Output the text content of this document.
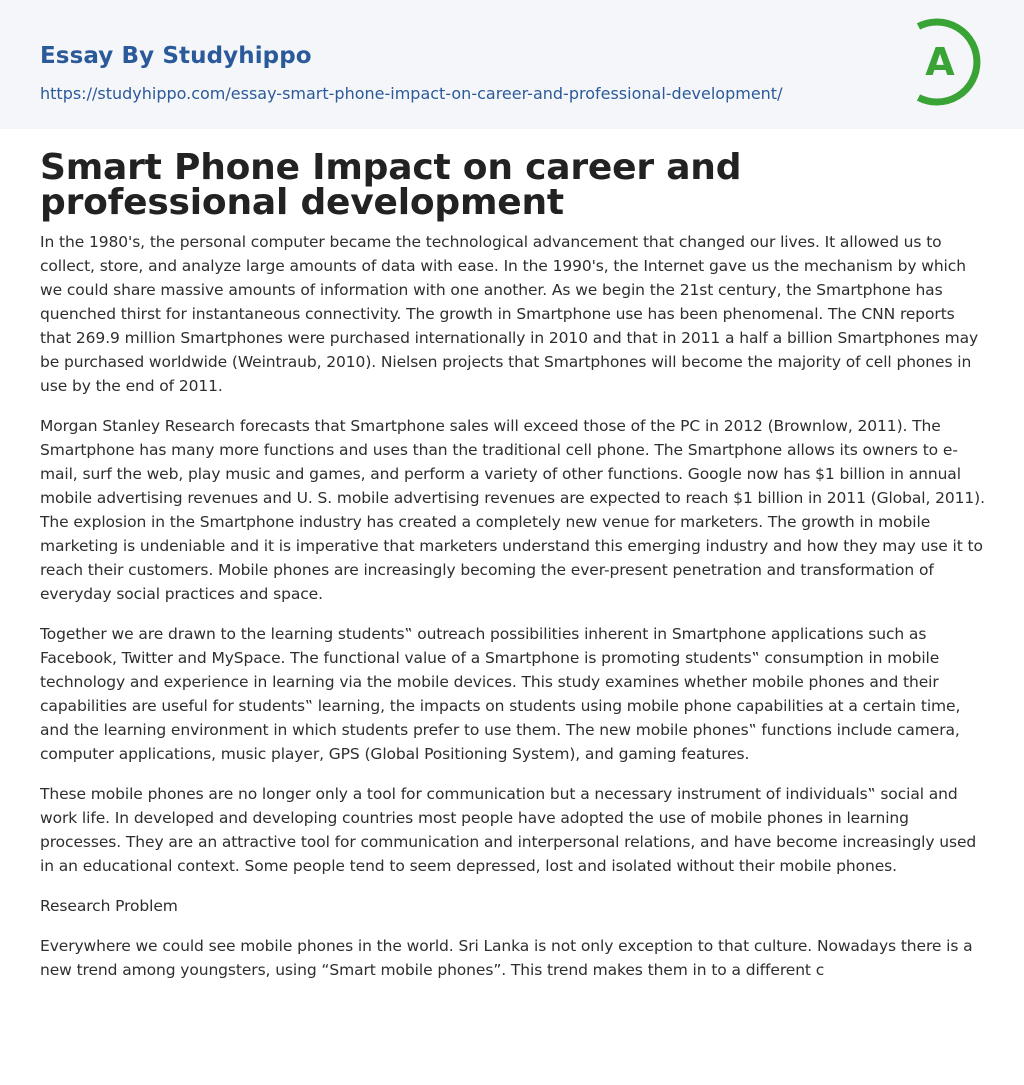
Essay By Studyhippo
https://studyhippo.com/essay-smart-phone-impact-on-career-and-professional-development/
A
Smart Phone Impact on career and professional development

In the 1980's, the personal computer became the technological advancement that changed our lives. It allowed us to collect, store, and analyze large amounts of data with ease. In the 1990's, the Internet gave us the mechanism by which we could share massive amounts of information with one another. As we begin the 21st century, the Smartphone has quenched thirst for instantaneous connectivity. The growth in Smartphone use has been phenomenal. The CNN reports that 269.9 million Smartphones were purchased internationally in 2010 and that in 2011 a half a billion Smartphones may be purchased worldwide (Weintraub, 2010). Nielsen projects that Smartphones will become the majority of cell phones in use by the end of 2011.

Morgan Stanley Research forecasts that Smartphone sales will exceed those of the PC in 2012 (Brownlow, 2011). The Smartphone has many more functions and uses than the traditional cell phone. The Smartphone allows its owners to e-mail, surf the web, play music and games, and perform a variety of other functions. Google now has $1 billion in annual mobile advertising revenues and U. S. mobile advertising revenues are expected to reach $1 billion in 2011 (Global, 2011). The explosion in the Smartphone industry has created a completely new venue for marketers. The growth in mobile marketing is undeniable and it is imperative that marketers understand this emerging industry and how they may use it to reach their customers. Mobile phones are increasingly becoming the ever-present penetration and transformation of everyday social practices and space.

Together we are drawn to the learning students‟ outreach possibilities inherent in Smartphone applications such as Facebook, Twitter and MySpace. The functional value of a Smartphone is promoting students‟ consumption in mobile technology and experience in learning via the mobile devices. This study examines whether mobile phones and their capabilities are useful for students‟ learning, the impacts on students using mobile phone capabilities at a certain time, and the learning environment in which students prefer to use them. The new mobile phones‟ functions include camera, computer applications, music player, GPS (Global Positioning System), and gaming features.

These mobile phones are no longer only a tool for communication but a necessary instrument of individuals‟ social and work life. In developed and developing countries most people have adopted the use of mobile phones in learning processes. They are an attractive tool for communication and interpersonal relations, and have become increasingly used in an educational context. Some people tend to seem depressed, lost and isolated without their mobile phones.

Research Problem

Everywhere we could see mobile phones in the world. Sri Lanka is not only exception to that culture. Nowadays there is a new trend among youngsters, using “Smart mobile phones”. This trend makes them in to a different c
